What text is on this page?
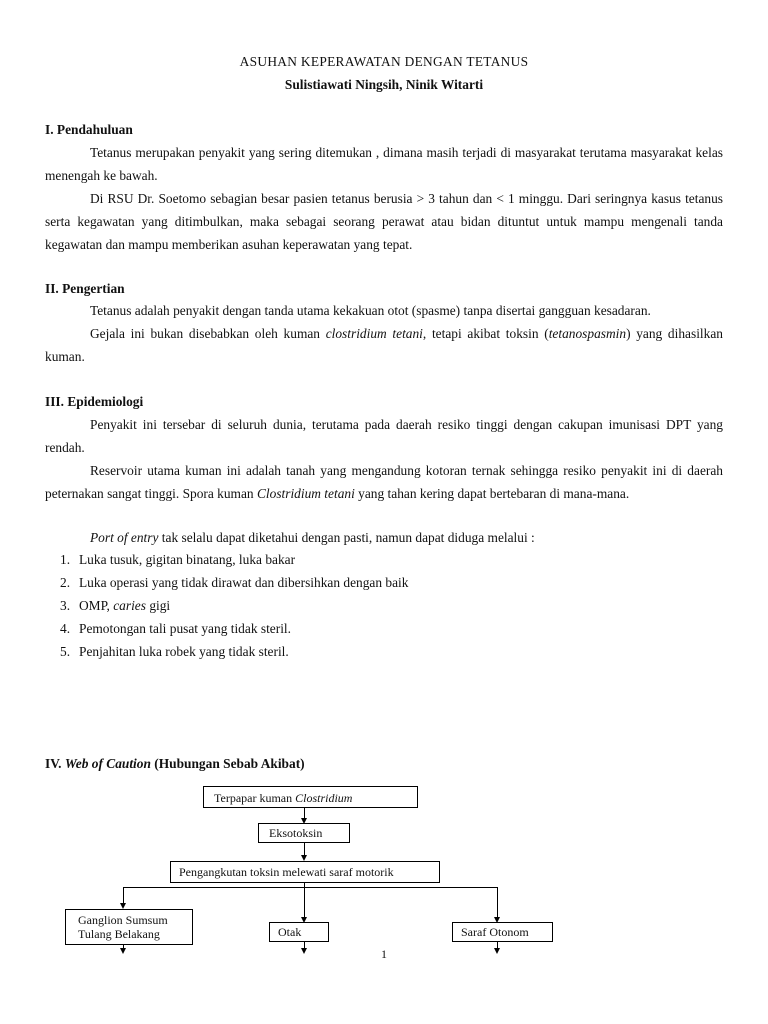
ASUHAN KEPERAWATAN DENGAN TETANUS
Sulistiawati Ningsih, Ninik Witarti
I. Pendahuluan
Tetanus merupakan penyakit yang sering ditemukan , dimana masih terjadi di masyarakat terutama masyarakat kelas menengah ke bawah.
Di RSU Dr. Soetomo sebagian besar pasien tetanus berusia > 3 tahun dan < 1 minggu. Dari seringnya kasus tetanus serta kegawatan yang ditimbulkan, maka sebagai seorang perawat atau bidan dituntut untuk mampu mengenali tanda kegawatan dan mampu memberikan asuhan keperawatan yang tepat.
II. Pengertian
Tetanus adalah penyakit dengan tanda utama kekakuan otot (spasme) tanpa disertai gangguan kesadaran.
Gejala ini bukan disebabkan oleh kuman clostridium tetani, tetapi akibat toksin (tetanospasmin) yang dihasilkan kuman.
III. Epidemiologi
Penyakit ini tersebar di seluruh dunia, terutama pada daerah resiko tinggi dengan cakupan imunisasi DPT yang rendah.
Reservoir utama kuman ini adalah tanah yang mengandung kotoran ternak sehingga resiko penyakit ini di daerah peternakan sangat tinggi. Spora kuman Clostridium tetani yang tahan kering dapat bertebaran di mana-mana.
Port of entry tak selalu dapat diketahui dengan pasti, namun dapat diduga melalui :
1. Luka tusuk, gigitan binatang, luka bakar
2. Luka operasi yang tidak dirawat dan dibersihkan dengan baik
3. OMP, caries gigi
4. Pemotongan tali pusat yang tidak steril.
5. Penjahitan luka robek yang tidak steril.
IV. Web of Caution (Hubungan Sebab Akibat)
Terpapar kuman Clostridium
Eksotoksin
Pengangkutan toksin melewati saraf motorik
Ganglion Sumsum
Tulang Belakang	Otak	Saraf Otonom
1
